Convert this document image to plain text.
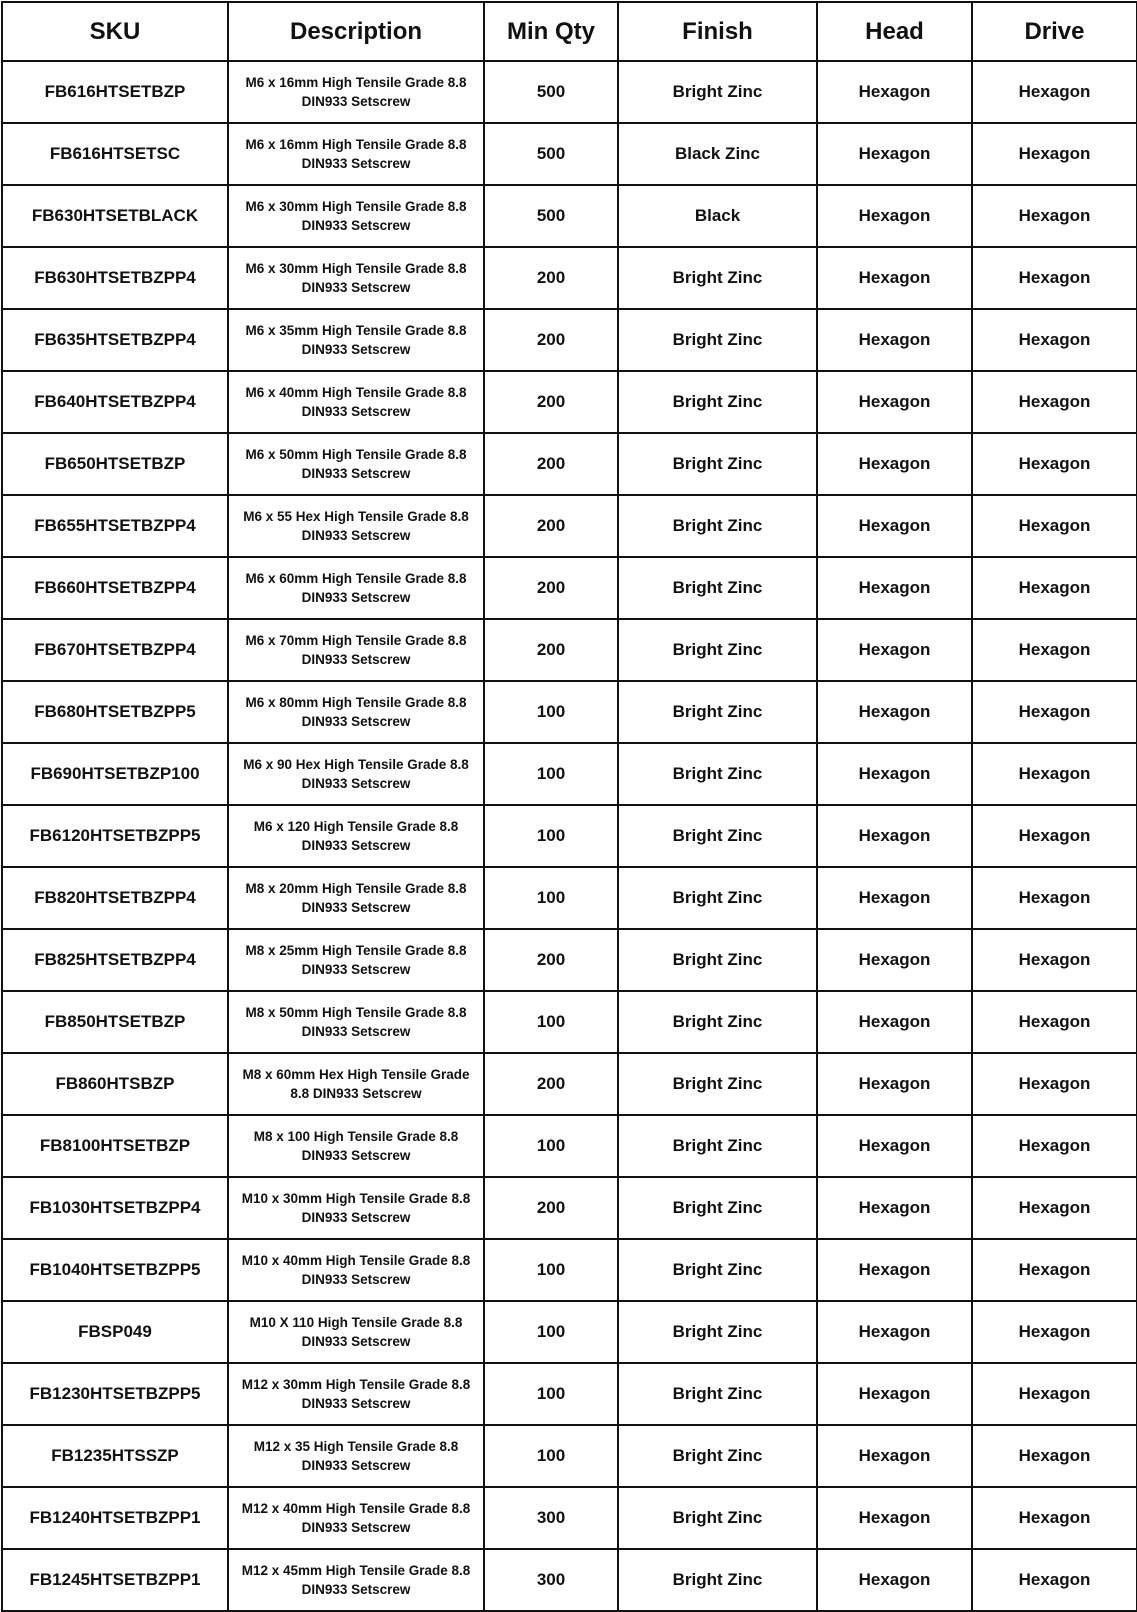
SKU	Description	Min Qty	Finish	Head	Drive
FB616HTSETBZP	M6 x 16mm High Tensile Grade 8.8 DIN933 Setscrew	500	Bright Zinc	Hexagon	Hexagon
FB616HTSETSC	M6 x 16mm High Tensile Grade 8.8 DIN933 Setscrew	500	Black Zinc	Hexagon	Hexagon
FB630HTSETBLACK	M6 x 30mm High Tensile Grade 8.8 DIN933 Setscrew	500	Black	Hexagon	Hexagon
FB630HTSETBZPP4	M6 x 30mm High Tensile Grade 8.8 DIN933 Setscrew	200	Bright Zinc	Hexagon	Hexagon
FB635HTSETBZPP4	M6 x 35mm High Tensile Grade 8.8 DIN933 Setscrew	200	Bright Zinc	Hexagon	Hexagon
FB640HTSETBZPP4	M6 x 40mm High Tensile Grade 8.8 DIN933 Setscrew	200	Bright Zinc	Hexagon	Hexagon
FB650HTSETBZP	M6 x 50mm High Tensile Grade 8.8 DIN933 Setscrew	200	Bright Zinc	Hexagon	Hexagon
FB655HTSETBZPP4	M6 x 55 Hex High Tensile Grade 8.8 DIN933 Setscrew	200	Bright Zinc	Hexagon	Hexagon
FB660HTSETBZPP4	M6 x 60mm High Tensile Grade 8.8 DIN933 Setscrew	200	Bright Zinc	Hexagon	Hexagon
FB670HTSETBZPP4	M6 x 70mm High Tensile Grade 8.8 DIN933 Setscrew	200	Bright Zinc	Hexagon	Hexagon
FB680HTSETBZPP5	M6 x 80mm High Tensile Grade 8.8 DIN933 Setscrew	100	Bright Zinc	Hexagon	Hexagon
FB690HTSETBZP100	M6 x 90 Hex High Tensile Grade 8.8 DIN933 Setscrew	100	Bright Zinc	Hexagon	Hexagon
FB6120HTSETBZPP5	M6 x 120 High Tensile Grade 8.8 DIN933 Setscrew	100	Bright Zinc	Hexagon	Hexagon
FB820HTSETBZPP4	M8 x 20mm High Tensile Grade 8.8 DIN933 Setscrew	100	Bright Zinc	Hexagon	Hexagon
FB825HTSETBZPP4	M8 x 25mm High Tensile Grade 8.8 DIN933 Setscrew	200	Bright Zinc	Hexagon	Hexagon
FB850HTSETBZP	M8 x 50mm High Tensile Grade 8.8 DIN933 Setscrew	100	Bright Zinc	Hexagon	Hexagon
FB860HTSBZP	M8 x 60mm Hex High Tensile Grade 8.8 DIN933 Setscrew	200	Bright Zinc	Hexagon	Hexagon
FB8100HTSETBZP	M8 x 100 High Tensile Grade 8.8 DIN933 Setscrew	100	Bright Zinc	Hexagon	Hexagon
FB1030HTSETBZPP4	M10 x 30mm High Tensile Grade 8.8 DIN933 Setscrew	200	Bright Zinc	Hexagon	Hexagon
FB1040HTSETBZPP5	M10 x 40mm High Tensile Grade 8.8 DIN933 Setscrew	100	Bright Zinc	Hexagon	Hexagon
FBSP049	M10 X 110 High Tensile Grade 8.8 DIN933 Setscrew	100	Bright Zinc	Hexagon	Hexagon
FB1230HTSETBZPP5	M12 x 30mm High Tensile Grade 8.8 DIN933 Setscrew	100	Bright Zinc	Hexagon	Hexagon
FB1235HTSSZP	M12 x 35 High Tensile Grade 8.8 DIN933 Setscrew	100	Bright Zinc	Hexagon	Hexagon
FB1240HTSETBZPP1	M12 x 40mm High Tensile Grade 8.8 DIN933 Setscrew	300	Bright Zinc	Hexagon	Hexagon
FB1245HTSETBZPP1	M12 x 45mm High Tensile Grade 8.8 DIN933 Setscrew	300	Bright Zinc	Hexagon	Hexagon
